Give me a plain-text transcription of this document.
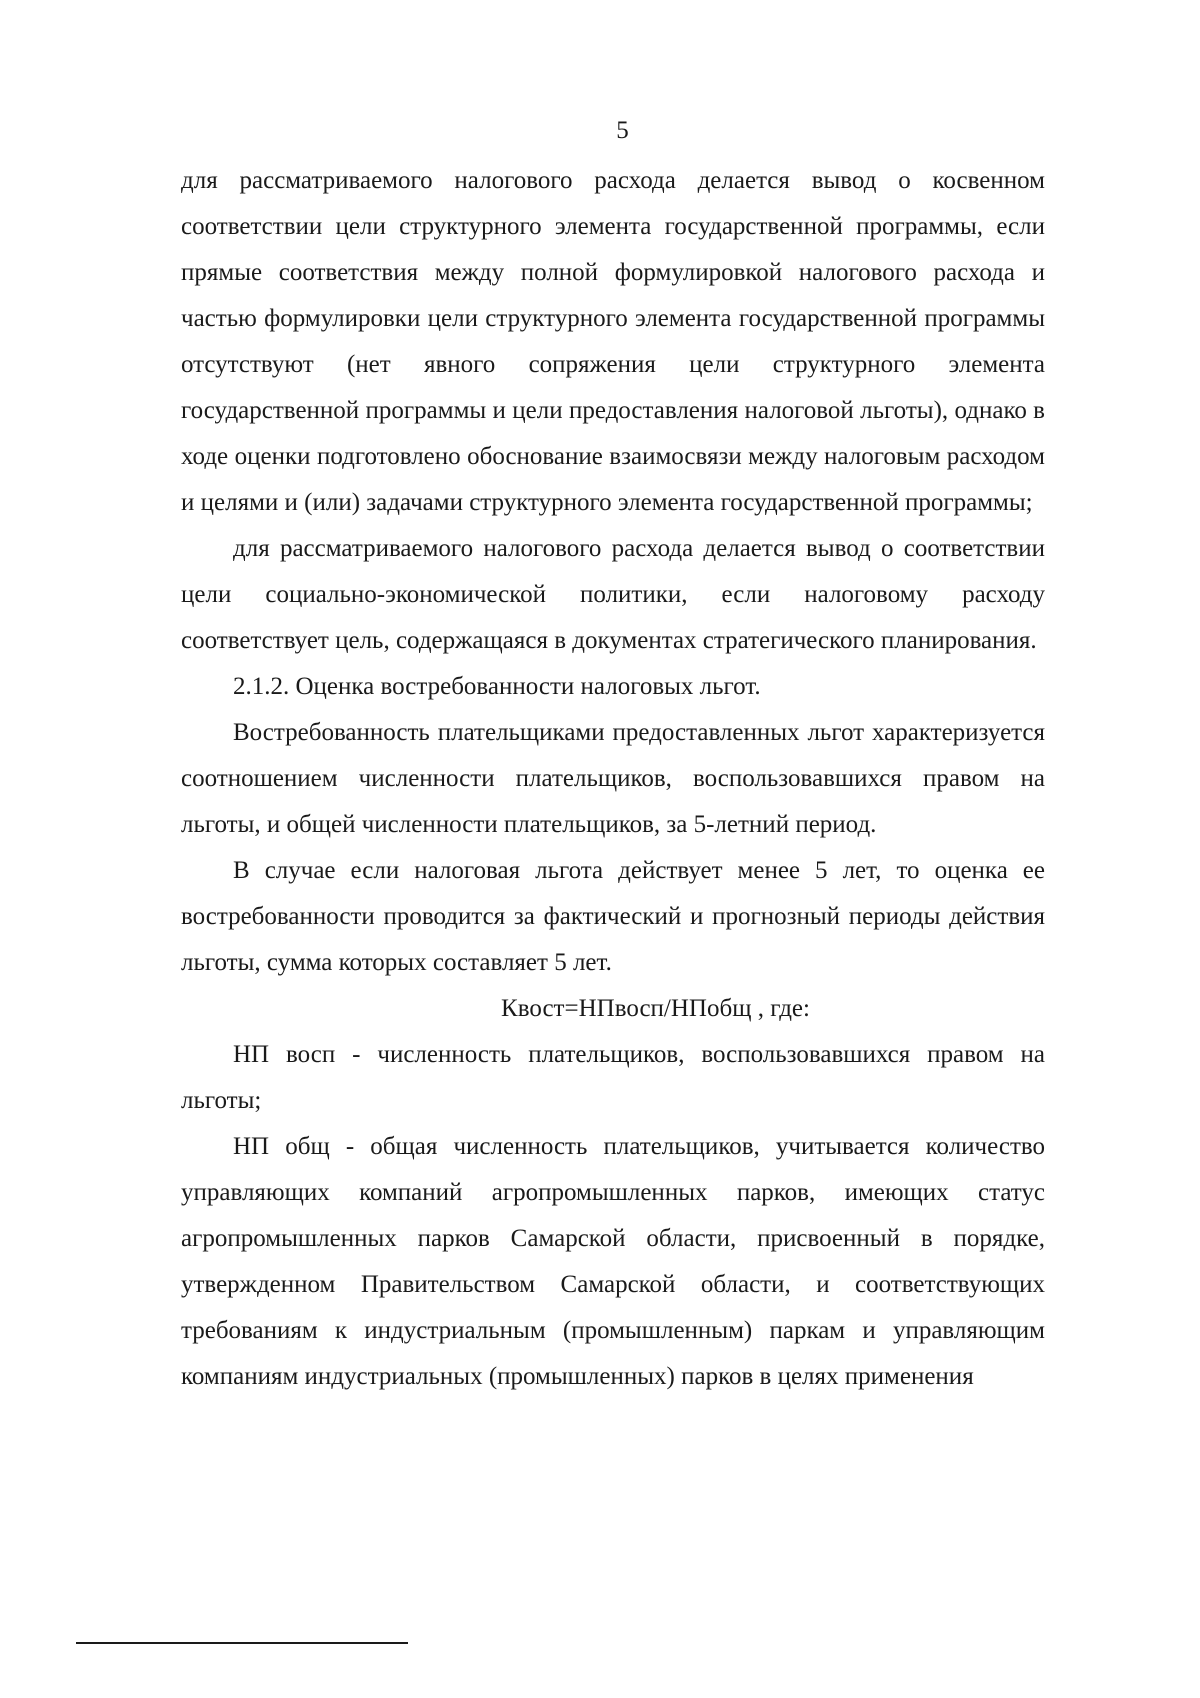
5

для рассматриваемого налогового расхода делается вывод о косвенном соответствии цели структурного элемента государственной программы, если прямые соответствия между полной формулировкой налогового расхода и частью формулировки цели структурного элемента государственной программы отсутствуют (нет явного сопряжения цели структурного элемента государственной программы и цели предоставления налоговой льготы), однако в ходе оценки подготовлено обоснование взаимосвязи между налоговым расходом и целями и (или) задачами структурного элемента государственной программы;

для рассматриваемого налогового расхода делается вывод о соответствии цели социально-экономической политики, если налоговому расходу соответствует цель, содержащаяся в документах стратегического планирования.

2.1.2. Оценка востребованности налоговых льгот.

Востребованность плательщиками предоставленных льгот характеризуется соотношением численности плательщиков, воспользовавшихся правом на льготы, и общей численности плательщиков, за 5-летний период.

В случае если налоговая льгота действует менее 5 лет, то оценка ее востребованности проводится за фактический и прогнозный периоды действия льготы, сумма которых составляет 5 лет.

Квост=НПвосп/НПобщ , где:

НП восп - численность плательщиков, воспользовавшихся правом на льготы;

НП общ - общая численность плательщиков, учитывается количество управляющих компаний агропромышленных парков, имеющих статус агропромышленных парков Самарской области, присвоенный в порядке, утвержденном Правительством Самарской области, и соответствующих требованиям к индустриальным (промышленным) паркам и управляющим компаниям индустриальных (промышленных) парков в целях применения
